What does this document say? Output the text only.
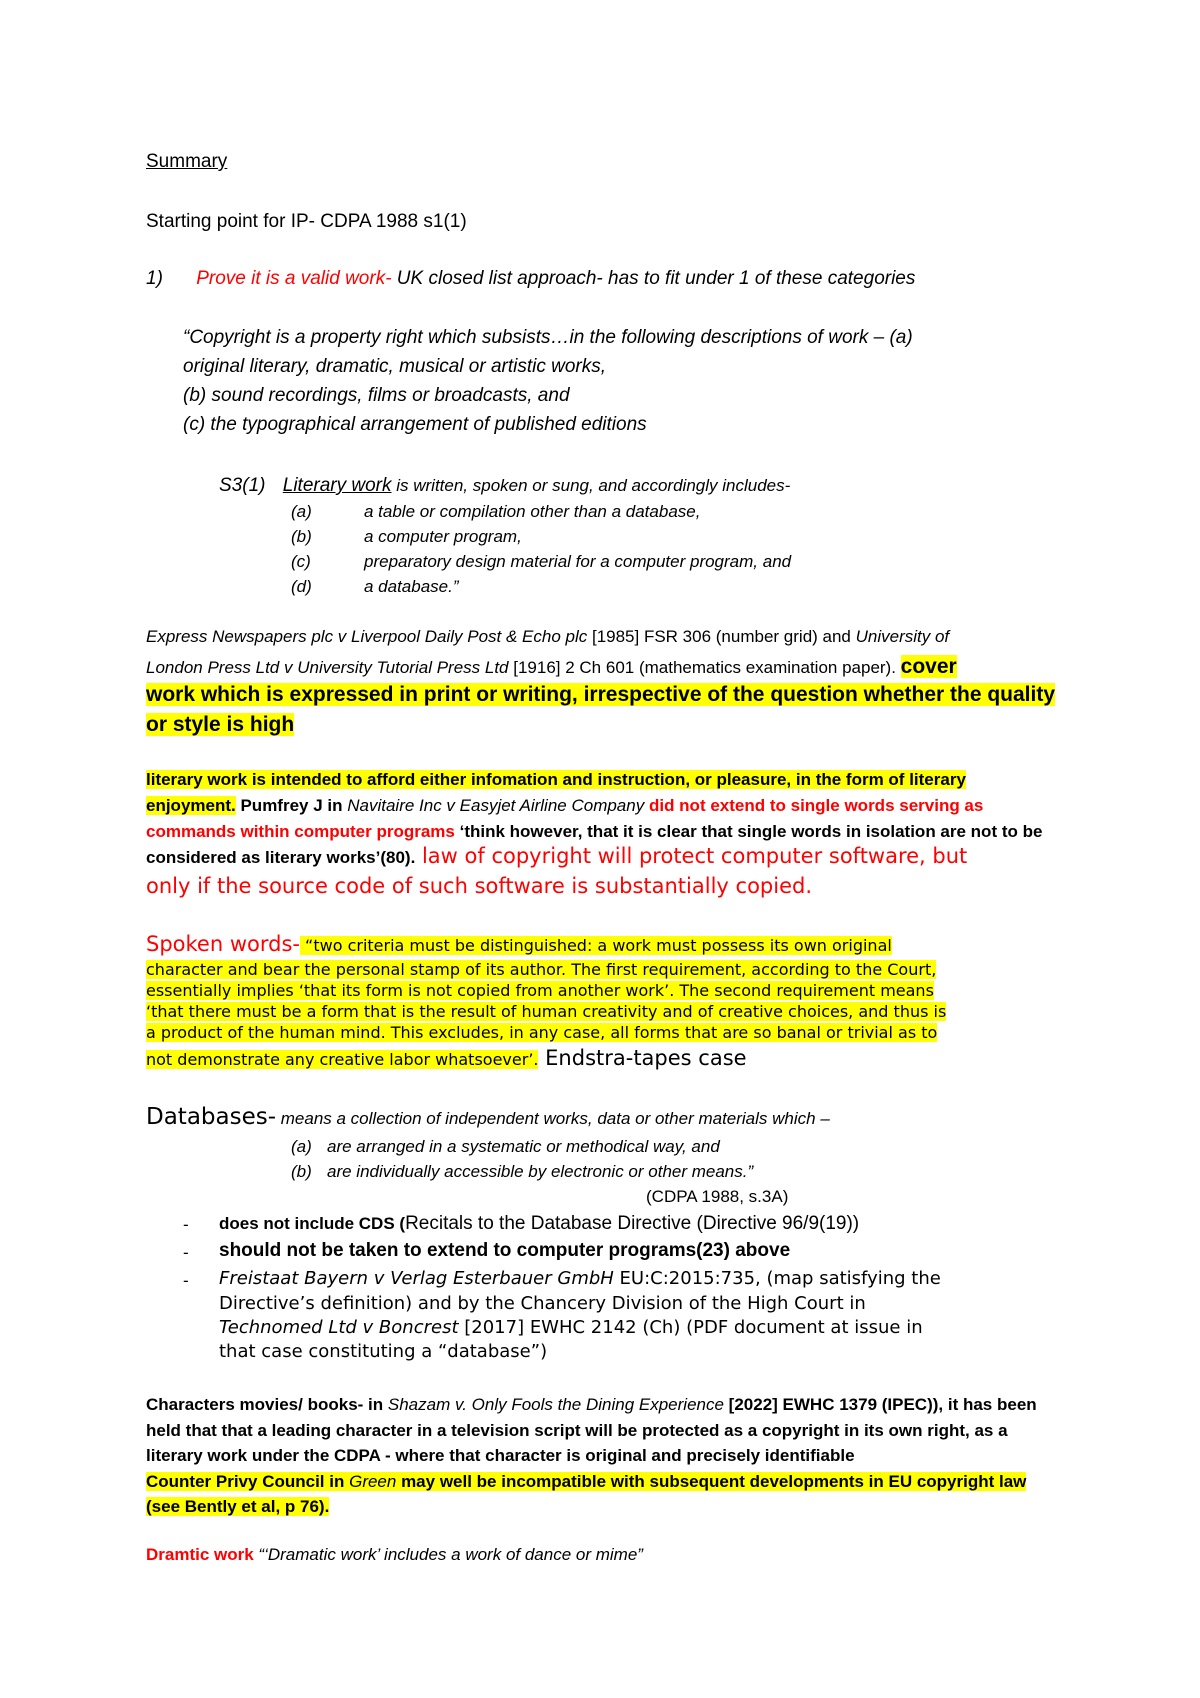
Summary
Starting point for IP- CDPA 1988 s1(1)
1) Prove it is a valid work- UK closed list approach- has to fit under 1 of these categories
“Copyright is a property right which subsists…in the following descriptions of work – (a)
original literary, dramatic, musical or artistic works,
(b) sound recordings, films or broadcasts, and
(c) the typographical arrangement of published editions
S3(1) Literary work is written, spoken or sung, and accordingly includes-
(a)	a table or compilation other than a database,
(b)	a computer program,
(c)	preparatory design material for a computer program, and
(d)	a database.”
Express Newspapers plc v Liverpool Daily Post & Echo plc [1985] FSR 306 (number grid) and University of
London Press Ltd v University Tutorial Press Ltd [1916] 2 Ch 601 (mathematics examination paper). cover
work which is expressed in print or writing, irrespective of the question whether the quality
or style is high
literary work is intended to afford either infomation and instruction, or pleasure, in the form of literary
enjoyment. Pumfrey J in Navitaire Inc v Easyjet Airline Company did not extend to single words serving as
commands within computer programs ‘think however, that it is clear that single words in isolation are not to be
considered as literary works’(80). law of copyright will protect computer software, but
only if the source code of such software is substantially copied.
Spoken words- “two criteria must be distinguished: a work must possess its own original
character and bear the personal stamp of its author. The first requirement, according to the Court,
essentially implies ‘that its form is not copied from another work’. The second requirement means
‘that there must be a form that is the result of human creativity and of creative choices, and thus is
a product of the human mind. This excludes, in any case, all forms that are so banal or trivial as to
not demonstrate any creative labor whatsoever’. Endstra-tapes case
Databases- means a collection of independent works, data or other materials which –
(a) are arranged in a systematic or methodical way, and
(b) are individually accessible by electronic or other means.”
(CDPA 1988, s.3A)
- does not include CDS (Recitals to the Database Directive (Directive 96/9(19))
- should not be taken to extend to computer programs(23) above
- Freistaat Bayern v Verlag Esterbauer GmbH EU:C:2015:735, (map satisfying the
Directive’s definition) and by the Chancery Division of the High Court in
Technomed Ltd v Boncrest [2017] EWHC 2142 (Ch) (PDF document at issue in
that case constituting a “database”)
Characters movies/ books- in Shazam v. Only Fools the Dining Experience [2022] EWHC 1379 (IPEC)), it has been
held that that a leading character in a television script will be protected as a copyright in its own right, as a
literary work under the CDPA - where that character is original and precisely identifiable
Counter Privy Council in Green may well be incompatible with subsequent developments in EU copyright law
(see Bently et al, p 76).
Dramtic work “‘Dramatic work’ includes a work of dance or mime”
